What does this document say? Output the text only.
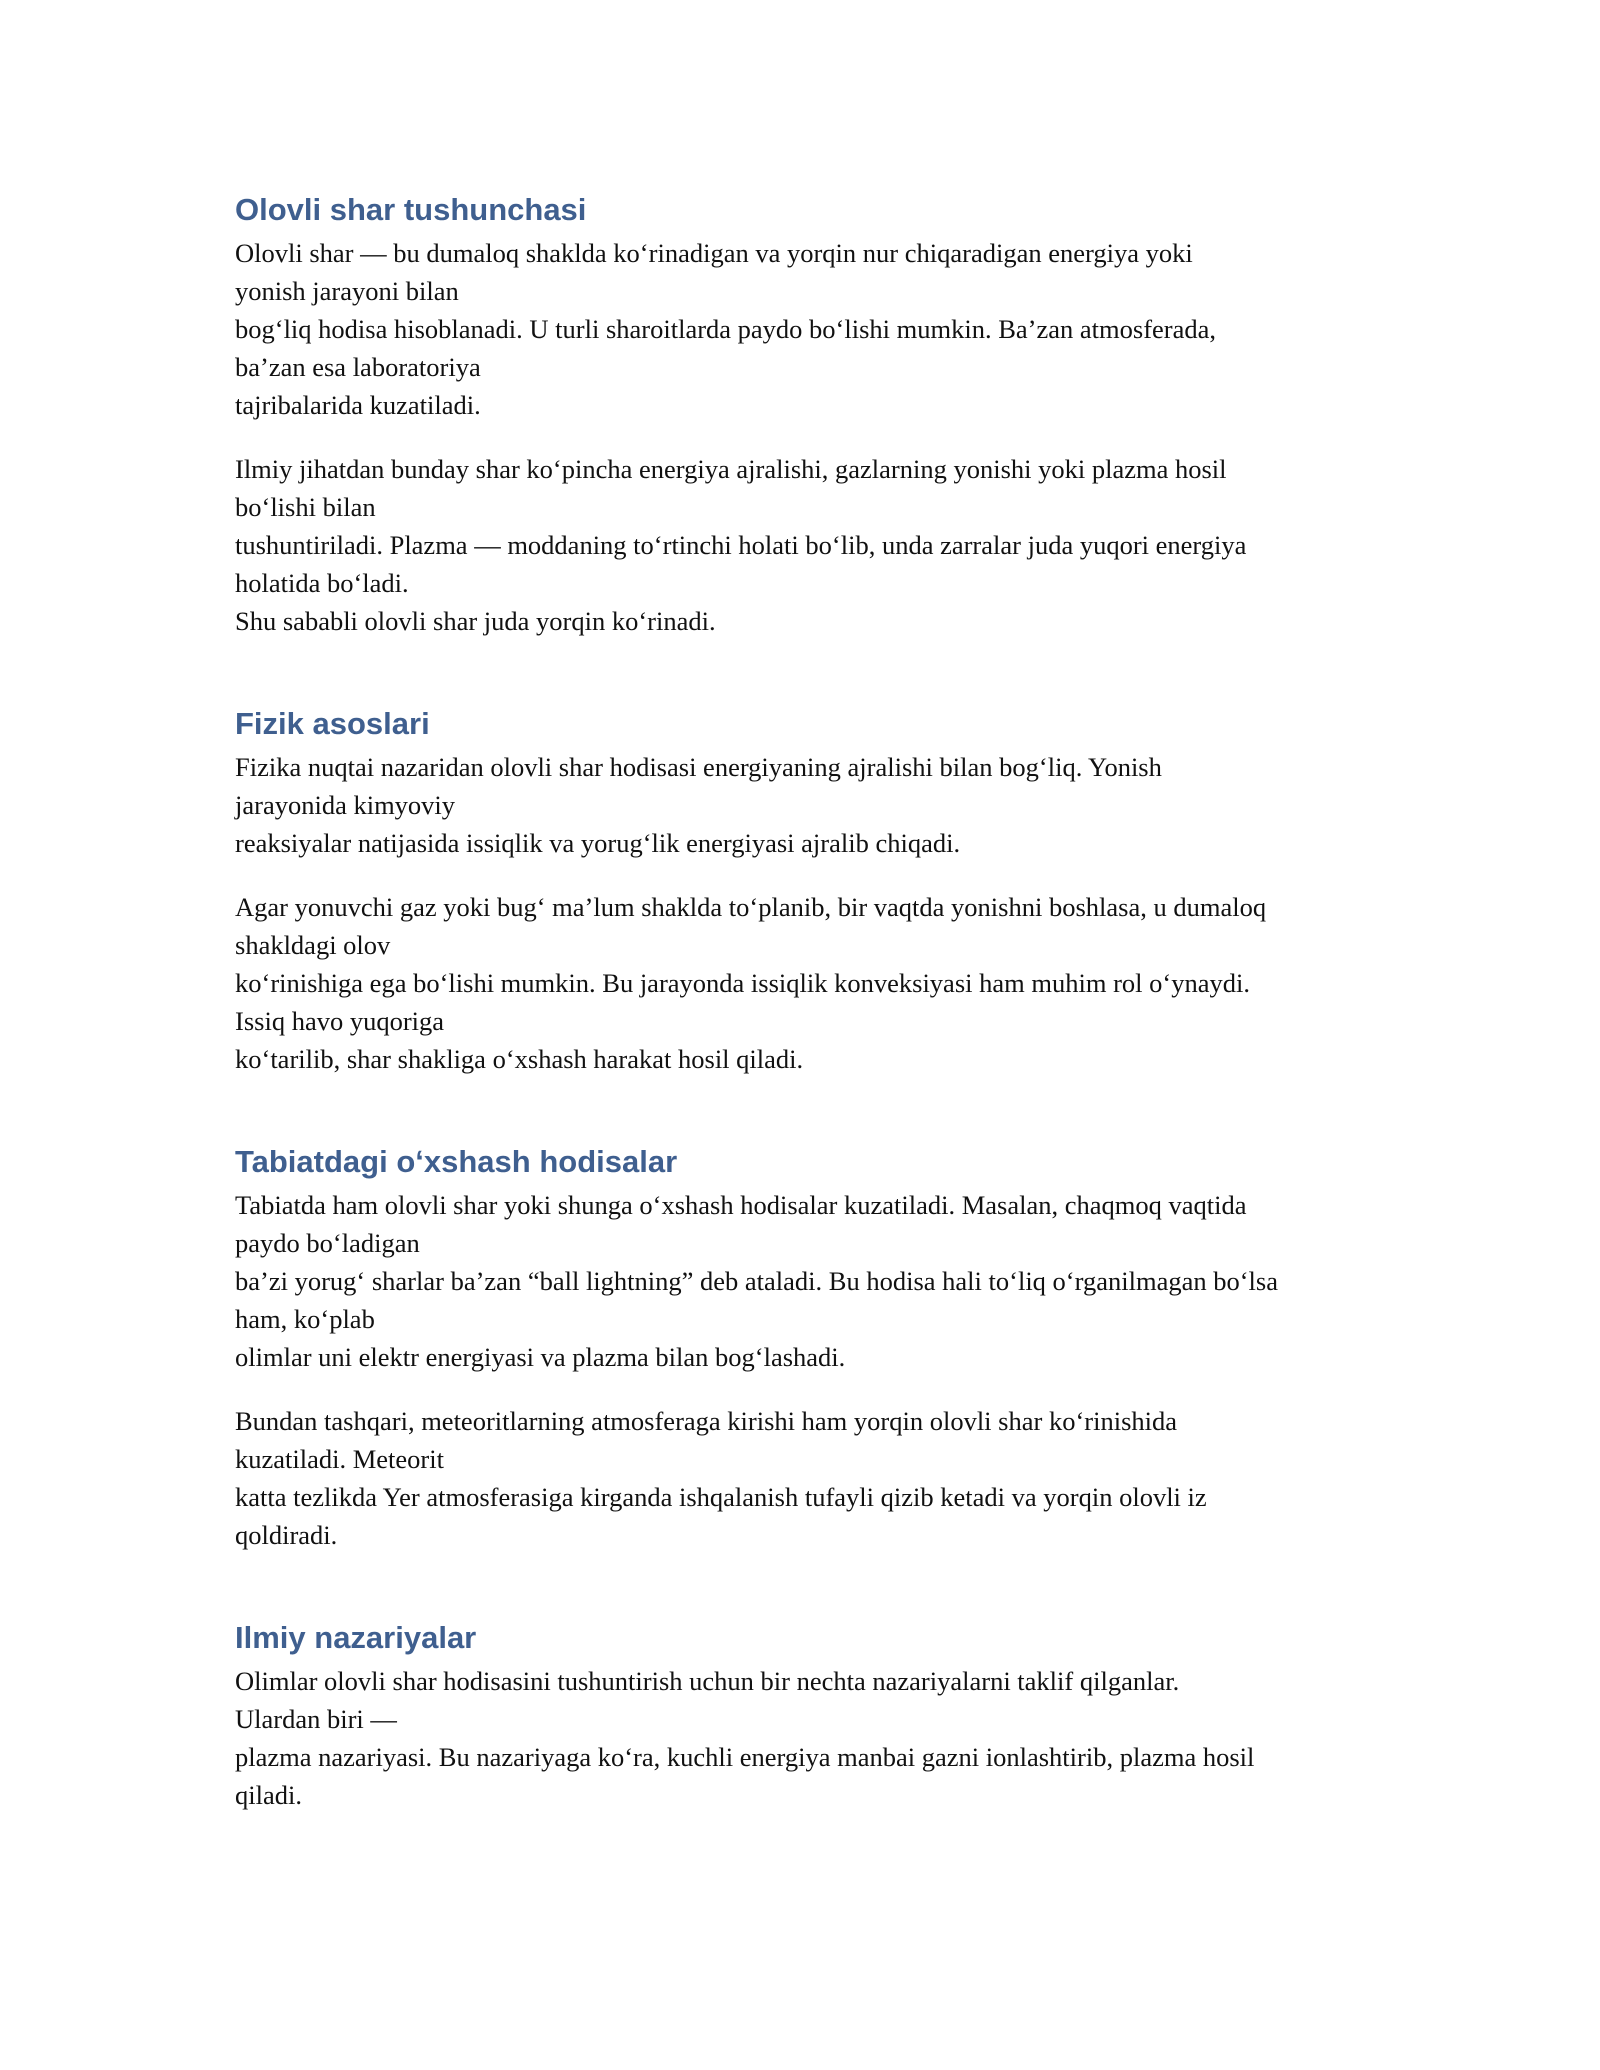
Olovli shar tushunchasi

Olovli shar — bu dumaloq shaklda koʻrinadigan va yorqin nur chiqaradigan energiya yoki
yonish jarayoni bilan
bogʻliq hodisa hisoblanadi. U turli sharoitlarda paydo boʻlishi mumkin. Baʼzan atmosferada,
baʼzan esa laboratoriya
tajribalarida kuzatiladi.

Ilmiy jihatdan bunday shar koʻpincha energiya ajralishi, gazlarning yonishi yoki plazma hosil
boʻlishi bilan
tushuntiriladi. Plazma — moddaning toʻrtinchi holati boʻlib, unda zarralar juda yuqori energiya
holatida boʻladi.
Shu sababli olovli shar juda yorqin koʻrinadi.

Fizik asoslari

Fizika nuqtai nazaridan olovli shar hodisasi energiyaning ajralishi bilan bogʻliq. Yonish
jarayonida kimyoviy
reaksiyalar natijasida issiqlik va yorugʻlik energiyasi ajralib chiqadi.

Agar yonuvchi gaz yoki bugʻ maʼlum shaklda toʻplanib, bir vaqtda yonishni boshlasa, u dumaloq
shakldagi olov
koʻrinishiga ega boʻlishi mumkin. Bu jarayonda issiqlik konveksiyasi ham muhim rol oʻynaydi.
Issiq havo yuqoriga
koʻtarilib, shar shakliga oʻxshash harakat hosil qiladi.

Tabiatdagi oʻxshash hodisalar

Tabiatda ham olovli shar yoki shunga oʻxshash hodisalar kuzatiladi. Masalan, chaqmoq vaqtida
paydo boʻladigan
baʼzi yorugʻ sharlar baʼzan “ball lightning” deb ataladi. Bu hodisa hali toʻliq oʻrganilmagan boʻlsa
ham, koʻplab
olimlar uni elektr energiyasi va plazma bilan bogʻlashadi.

Bundan tashqari, meteoritlarning atmosferaga kirishi ham yorqin olovli shar koʻrinishida
kuzatiladi. Meteorit
katta tezlikda Yer atmosferasiga kirganda ishqalanish tufayli qizib ketadi va yorqin olovli iz
qoldiradi.

Ilmiy nazariyalar

Olimlar olovli shar hodisasini tushuntirish uchun bir nechta nazariyalarni taklif qilganlar.
Ulardan biri —
plazma nazariyasi. Bu nazariyaga koʻra, kuchli energiya manbai gazni ionlashtirib, plazma hosil
qiladi.
